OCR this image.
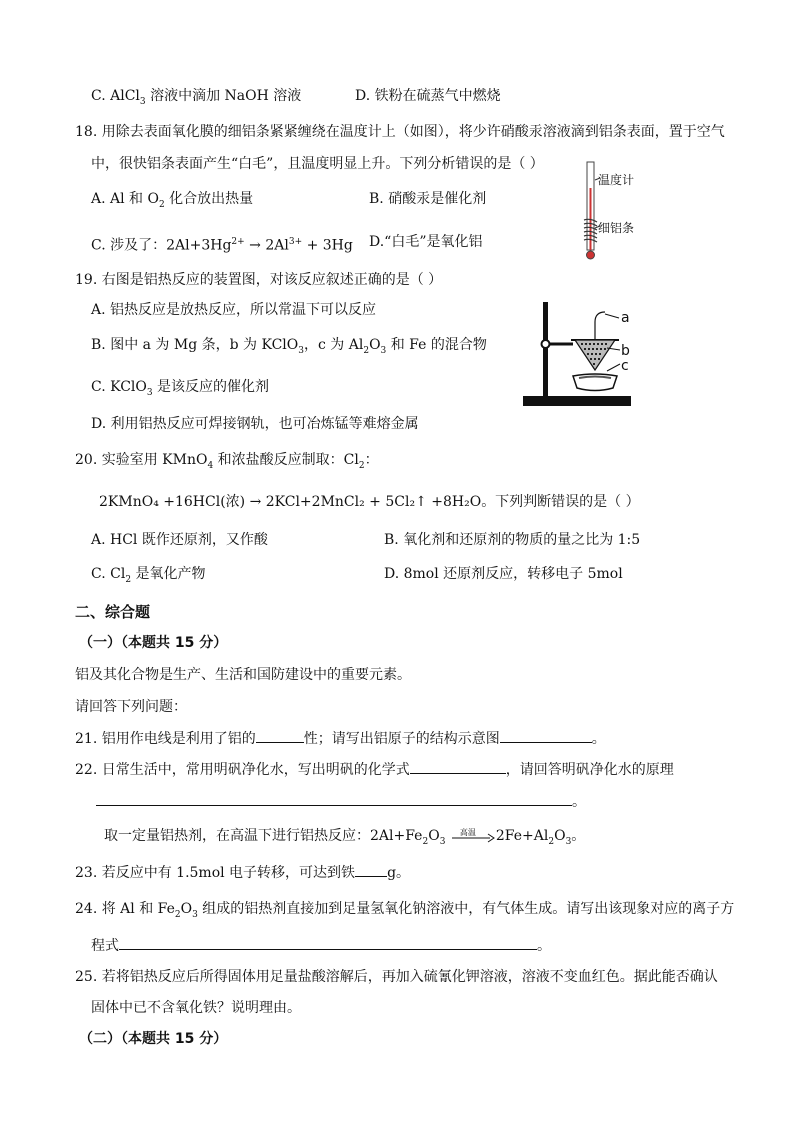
C. AlCl$_3$ 溶液中滴加 NaOH 溶液	D. 铁粉在硫蒸气中燃烧
18. 用除去表面氧化膜的细铝条紧紧缠绕在温度计上（如图），将少许硝酸汞溶液滴到铝条表面，置于空气
中，很快铝条表面产生“白毛”，且温度明显上升。下列分析错误的是（ ）
A. Al 和 $O_2$ 化合放出热量	B. 硝酸汞是催化剂
C. 涉及了：$2Al+3Hg^{2+} \to 2Al^{3+} + 3Hg$ D.“白毛”是氧化铝
温度计
细铝条
19. 右图是铝热反应的装置图，对该反应叙述正确的是（ ）
A. 铝热反应是放热反应，所以常温下可以反应
B. 图中 a 为 Mg 条，b 为 KClO$_3$，c 为 $Al_2O_3$ 和 Fe 的混合物
C. KClO$_3$ 是该反应的催化剂
D. 利用铝热反应可焊接钢轨，也可冶炼锰等难熔金属
a
b
c
20. 实验室用 KMnO$_4$ 和浓盐酸反应制取：$Cl_2$：
2KMnO₄ +16HCl(浓) → 2KCl+2MnCl₂ + 5Cl₂↑ +8H₂O。下列判断错误的是（ ）
A. HCl 既作还原剂，又作酸	B. 氧化剂和还原剂的物质的量之比为 1:5
C. $Cl_2$ 是氧化产物	D. 8mol 还原剂反应，转移电子 5mol
二、综合题
（一）（本题共 15 分）
铝及其化合物是生产、生活和国防建设中的重要元素。
请回答下列问题：
21. 铝用作电线是利用了铝的	性；请写出铝原子的结构示意图	。
22. 日常生活中，常用明矾净化水，写出明矾的化学式	，请回答明矾净化水的原理
。
取一定量铝热剂，在高温下进行铝热反应：$2Al+Fe_2O_3$
高温 $2Fe+Al_2O_3$。
23. 若反应中有 1.5mol 电子转移，可达到铁 g。
24. 将 Al 和 $Fe_2O_3$ 组成的铝热剂直接加到足量氢氧化钠溶液中，有气体生成。请写出该现象对应的离子方
程式	。
25. 若将铝热反应后所得固体用足量盐酸溶解后，再加入硫氰化钾溶液，溶液不变血红色。据此能否确认
固体中已不含氧化铁？说明理由。
（二）（本题共 15 分）
